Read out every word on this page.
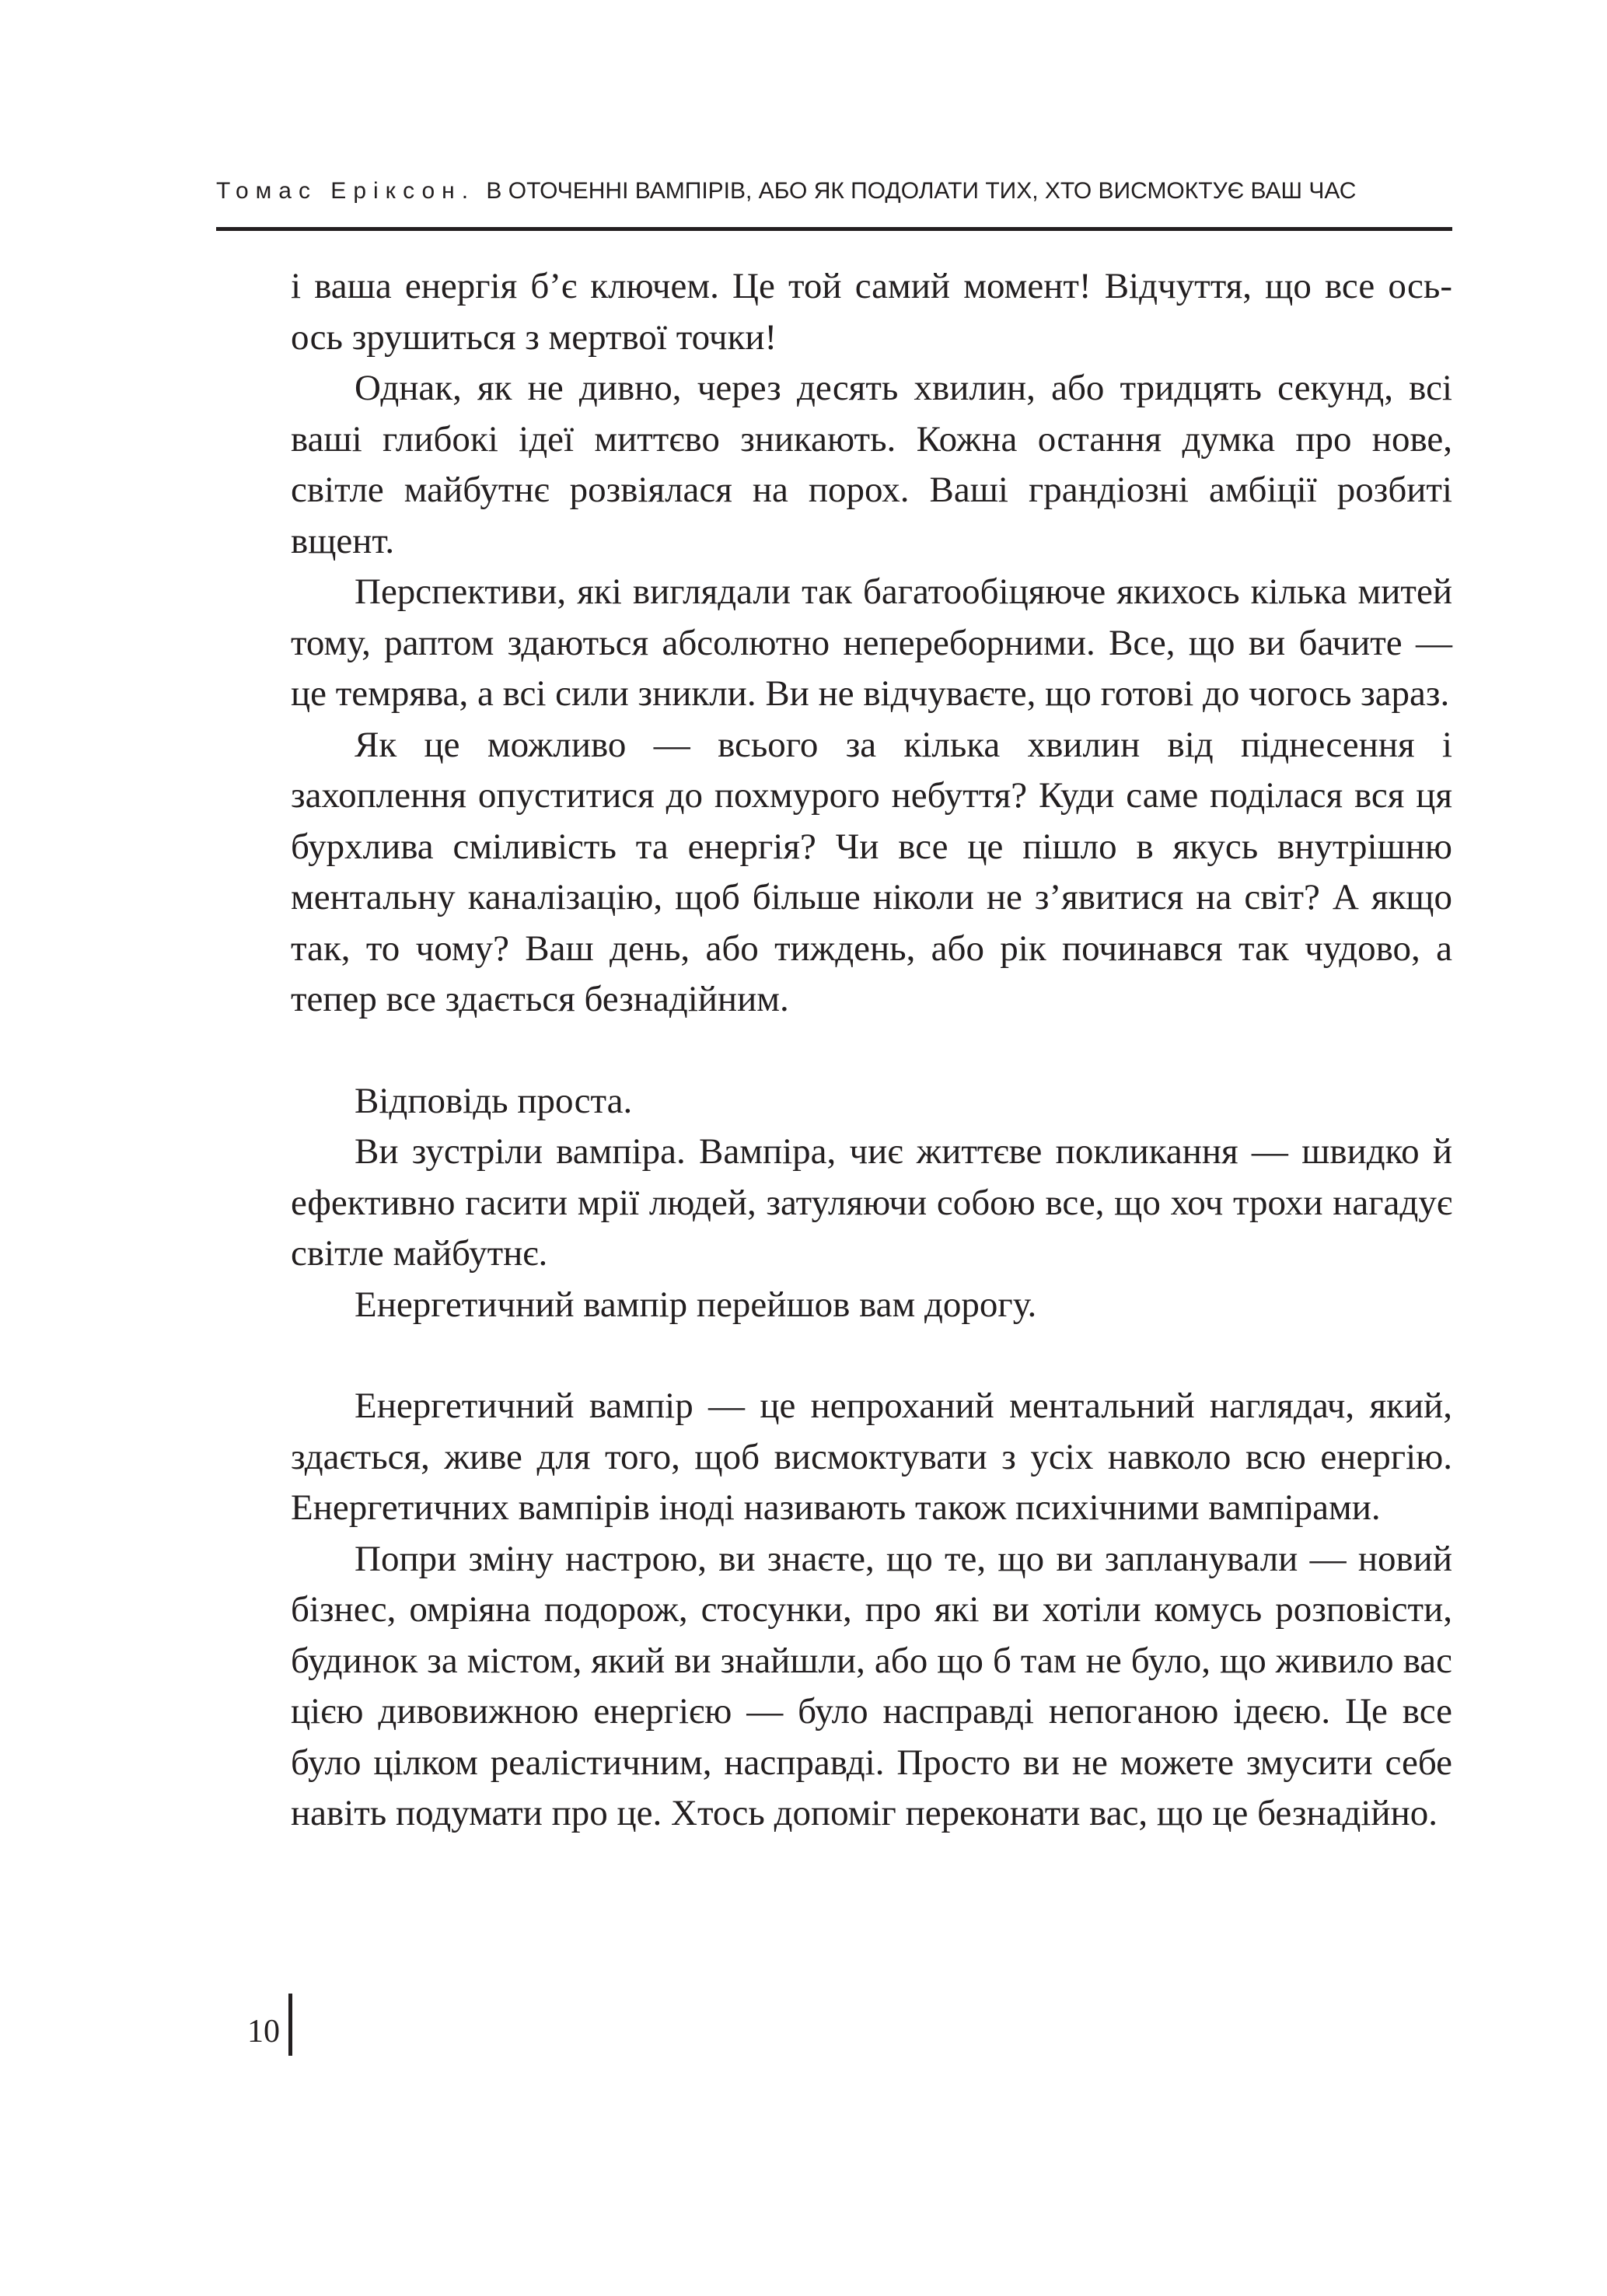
Томас Еріксон. В ОТОЧЕННІ ВАМПІРІВ, АБО ЯК ПОДОЛАТИ ТИХ, ХТО ВИСМОКТУЄ ВАШ ЧАС

і ваша енергія б’є ключем. Це той самий момент! Відчуття, що все ось-ось зрушиться з мертвої точки!

Однак, як не дивно, через десять хвилин, або тридцять секунд, всі ваші глибокі ідеї миттєво зникають. Кожна остання думка про нове, світле майбутнє розвіялася на порох. Ваші грандіозні амбіції розбиті вщент.

Перспективи, які виглядали так багатообіцяюче якихось кілька митей тому, раптом здаються абсолютно непереборними. Все, що ви бачите — це темрява, а всі сили зникли. Ви не відчуваєте, що готові до чогось зараз.

Як це можливо — всього за кілька хвилин від піднесення і захоплення опуститися до похмурого небуття? Куди саме поділася вся ця бурхлива сміливість та енергія? Чи все це пішло в якусь внутрішню ментальну каналізацію, щоб більше ніколи не з’явитися на світ? А якщо так, то чому? Ваш день, або тиждень, або рік починався так чудово, а тепер все здається безнадійним.

Відповідь проста.

Ви зустріли вампіра. Вампіра, чиє життєве покликання — швидко й ефективно гасити мрії людей, затуляючи собою все, що хоч трохи нагадує світле майбутнє.

Енергетичний вампір перейшов вам дорогу.

Енергетичний вампір — це непроханий ментальний наглядач, який, здається, живе для того, щоб висмоктувати з усіх навколо всю енергію. Енергетичних вампірів іноді називають також психічними вампірами.

Попри зміну настрою, ви знаєте, що те, що ви запланували — новий бізнес, омріяна подорож, стосунки, про які ви хотіли комусь розповісти, будинок за містом, який ви знайшли, або що б там не було, що живило вас цією дивовижною енергією — було насправді непоганою ідеєю. Це все було цілком реалістичним, насправді. Просто ви не можете змусити себе навіть подумати про це. Хтось допоміг переконати вас, що це безнадійно.

10
